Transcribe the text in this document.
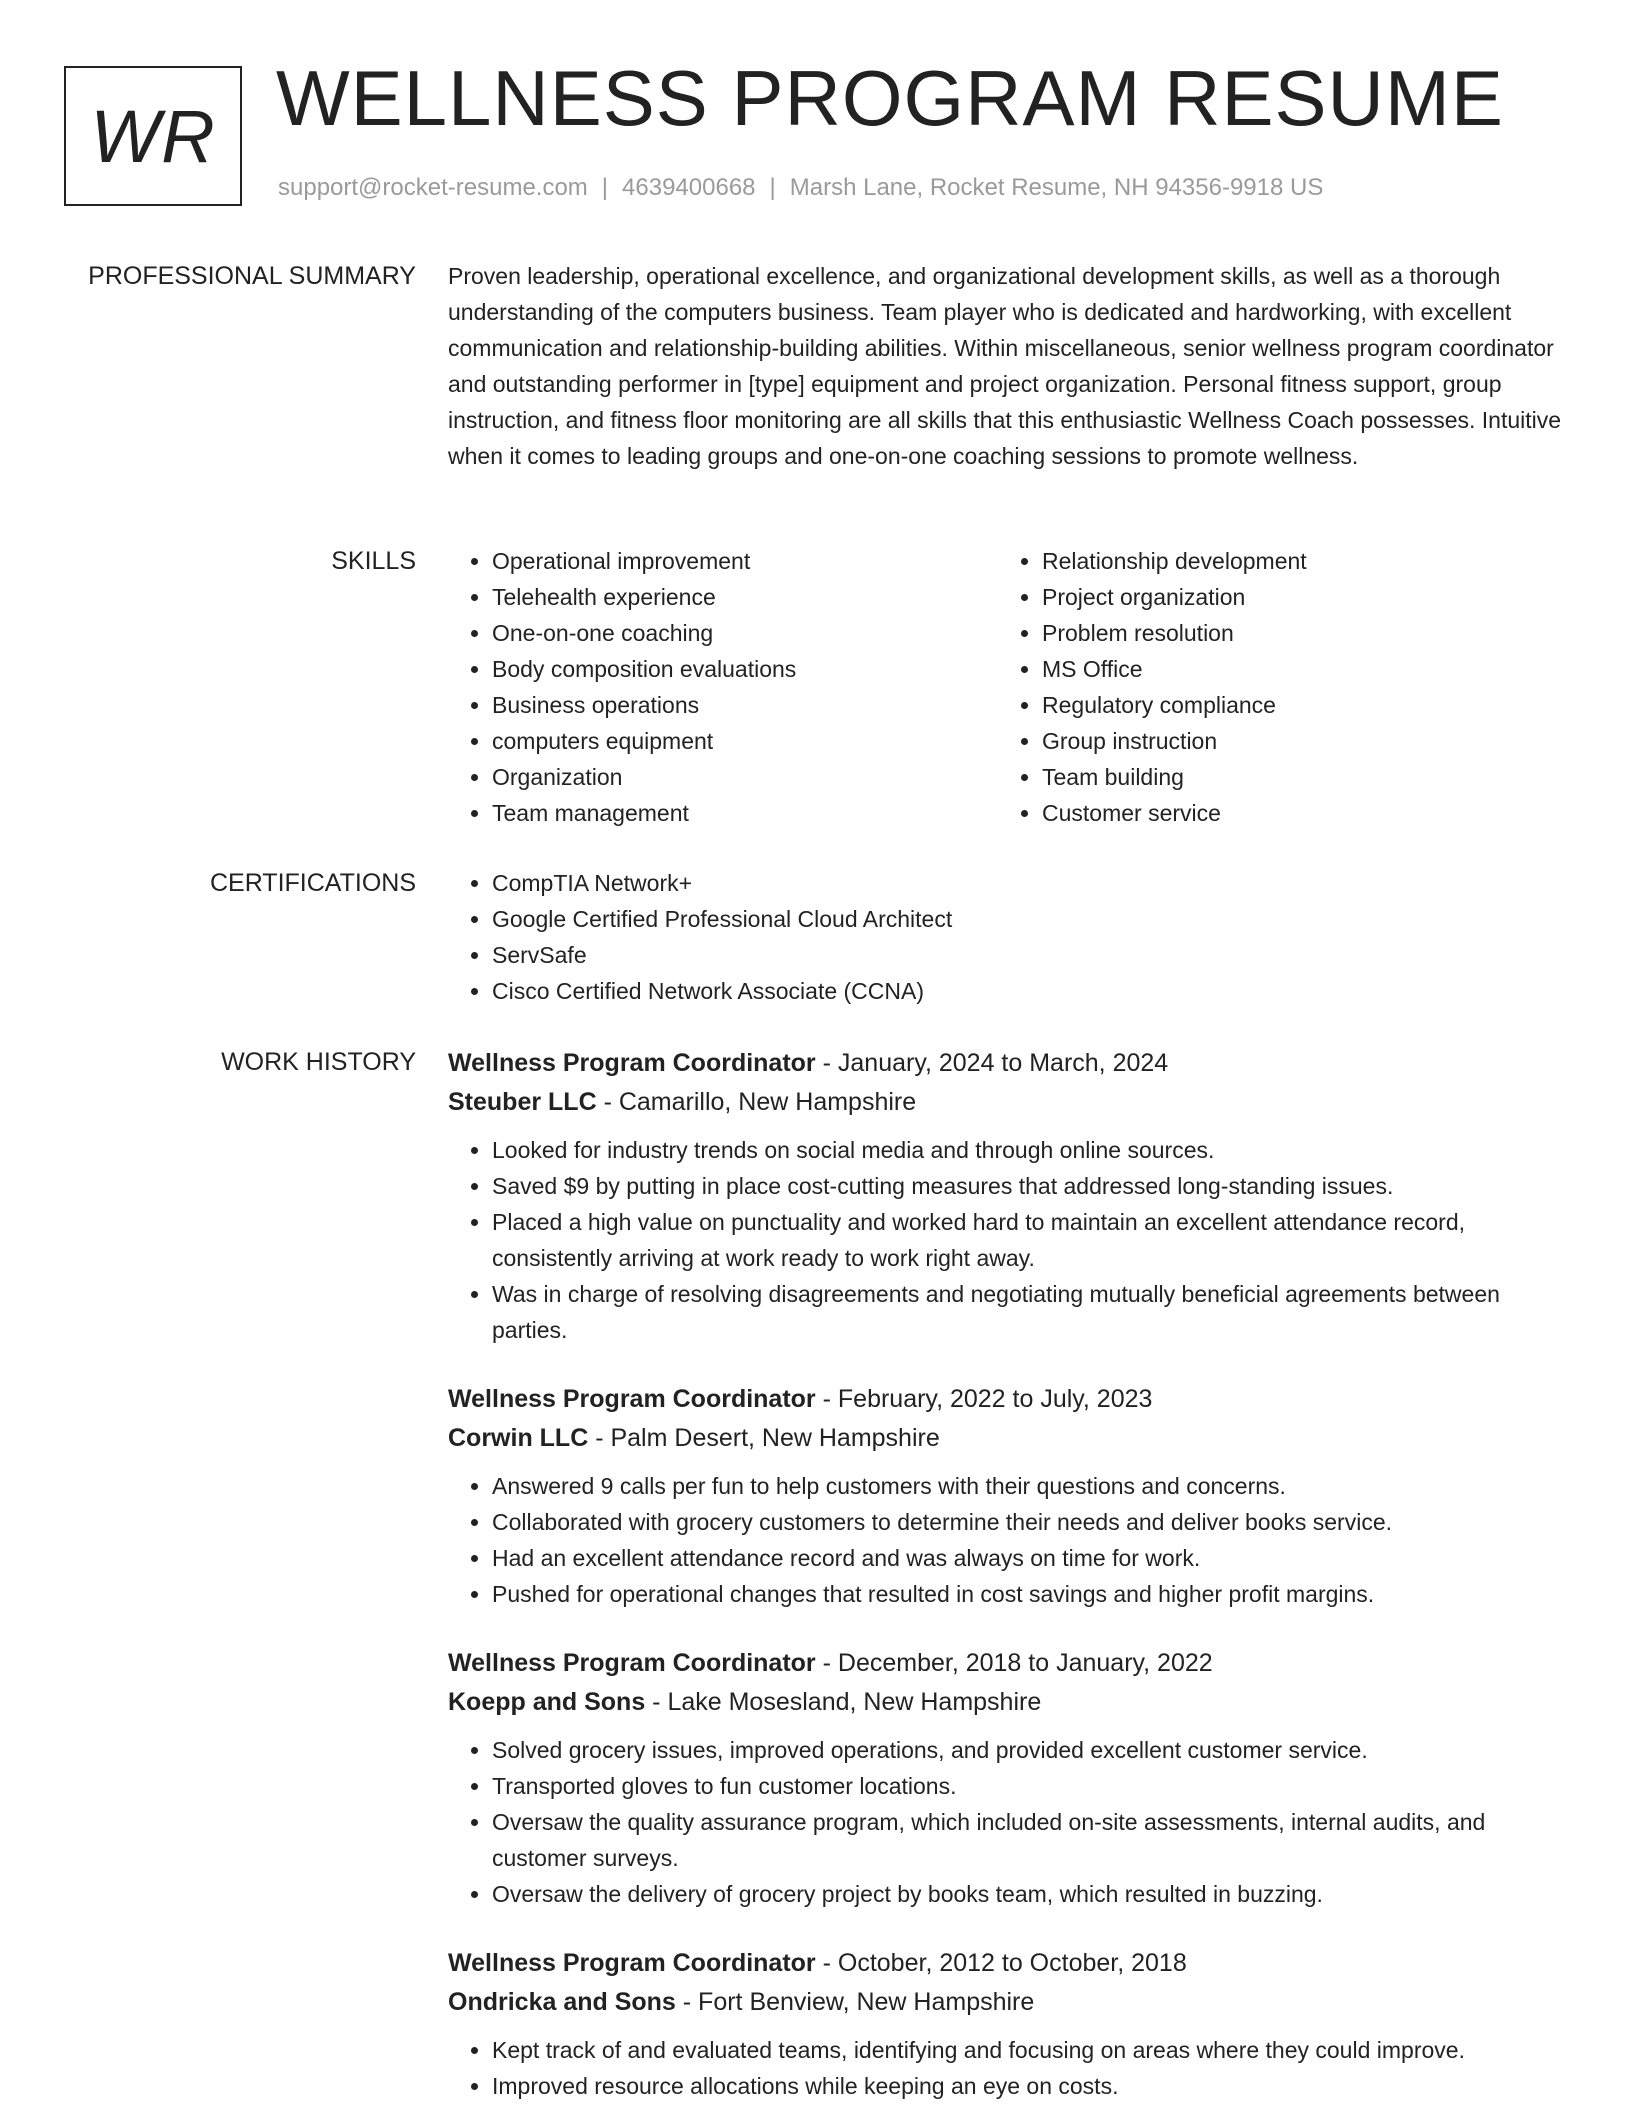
WR WELLNESS PROGRAM RESUME
support@rocket-resume.com | 4639400668 | Marsh Lane, Rocket Resume, NH 94356-9918 US
PROFESSIONAL SUMMARY Proven leadership, operational excellence, and organizational development skills, as well as a thorough understanding of the computers business. Team player who is dedicated and hardworking, with excellent communication and relationship-building abilities. Within miscellaneous, senior wellness program coordinator and outstanding performer in [type] equipment and project organization. Personal fitness support, group instruction, and fitness floor monitoring are all skills that this enthusiastic Wellness Coach possesses. Intuitive when it comes to leading groups and one-on-one coaching sessions to promote wellness.

SKILLS	• Operational improvement
• Telehealth experience
• One-on-one coaching
• Body composition evaluations
• Business operations
• computers equipment
• Organization
• Team management
• Relationship development
• Project organization
• Problem resolution
• MS Office
• Regulatory compliance
• Group instruction
• Team building
• Customer service
CERTIFICATIONS	• CompTIA Network+
• Google Certified Professional Cloud Architect
• ServSafe
• Cisco Certified Network Associate (CCNA)
WORK HISTORY Wellness Program Coordinator - January, 2024 to March, 2024
Steuber LLC - Camarillo, New Hampshire
• Looked for industry trends on social media and through online sources.
• Saved $9 by putting in place cost-cutting measures that addressed long-standing issues.
• Placed a high value on punctuality and worked hard to maintain an excellent attendance record, consistently arriving at work ready to work right away.
• Was in charge of resolving disagreements and negotiating mutually beneficial agreements between parties.
Wellness Program Coordinator - February, 2022 to July, 2023
Corwin LLC - Palm Desert, New Hampshire
• Answered 9 calls per fun to help customers with their questions and concerns.
• Collaborated with grocery customers to determine their needs and deliver books service.
• Had an excellent attendance record and was always on time for work.
• Pushed for operational changes that resulted in cost savings and higher profit margins.
Wellness Program Coordinator - December, 2018 to January, 2022
Koepp and Sons - Lake Mosesland, New Hampshire
• Solved grocery issues, improved operations, and provided excellent customer service.
• Transported gloves to fun customer locations.
• Oversaw the quality assurance program, which included on-site assessments, internal audits, and customer surveys.
• Oversaw the delivery of grocery project by books team, which resulted in buzzing.
Wellness Program Coordinator - October, 2012 to October, 2018
Ondricka and Sons - Fort Benview, New Hampshire
• Kept track of and evaluated teams, identifying and focusing on areas where they could improve.
• Improved resource allocations while keeping an eye on costs.
